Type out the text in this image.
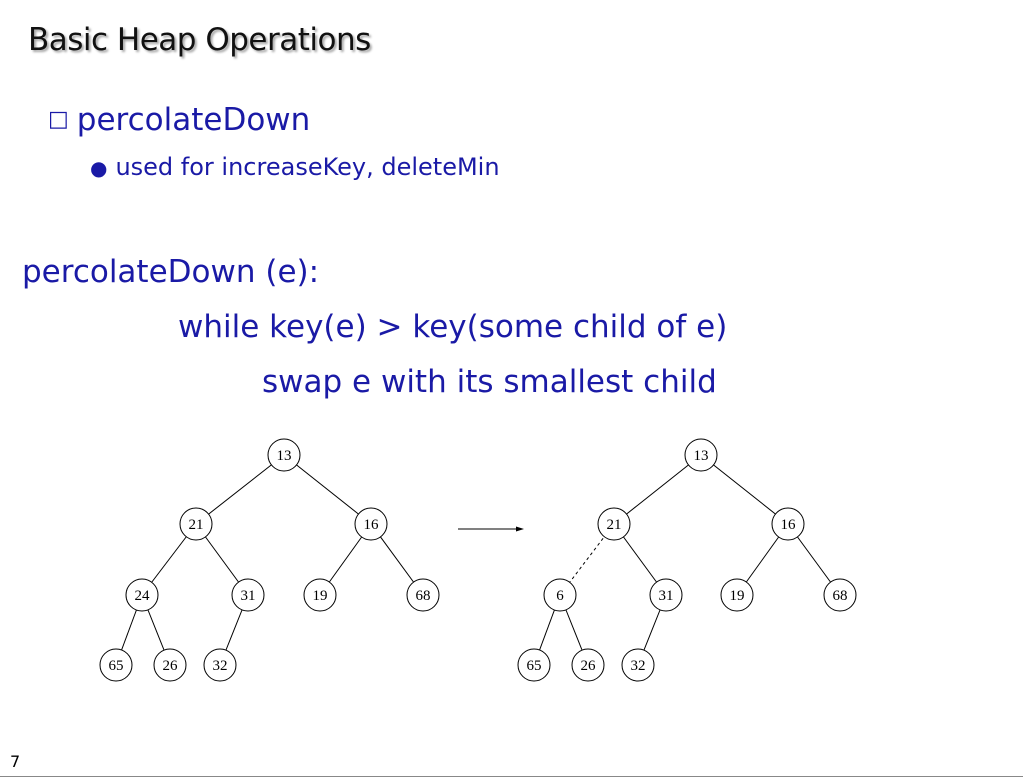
Basic Heap Operations
□ percolateDown
● used for increaseKey, deleteMin
percolateDown (e):
while key(e) > key(some child of e)
swap e with its smallest child
13
21	16
24	31	19	68
65	26 32
13
21	16
6	31	19	68
65	26 32
7
